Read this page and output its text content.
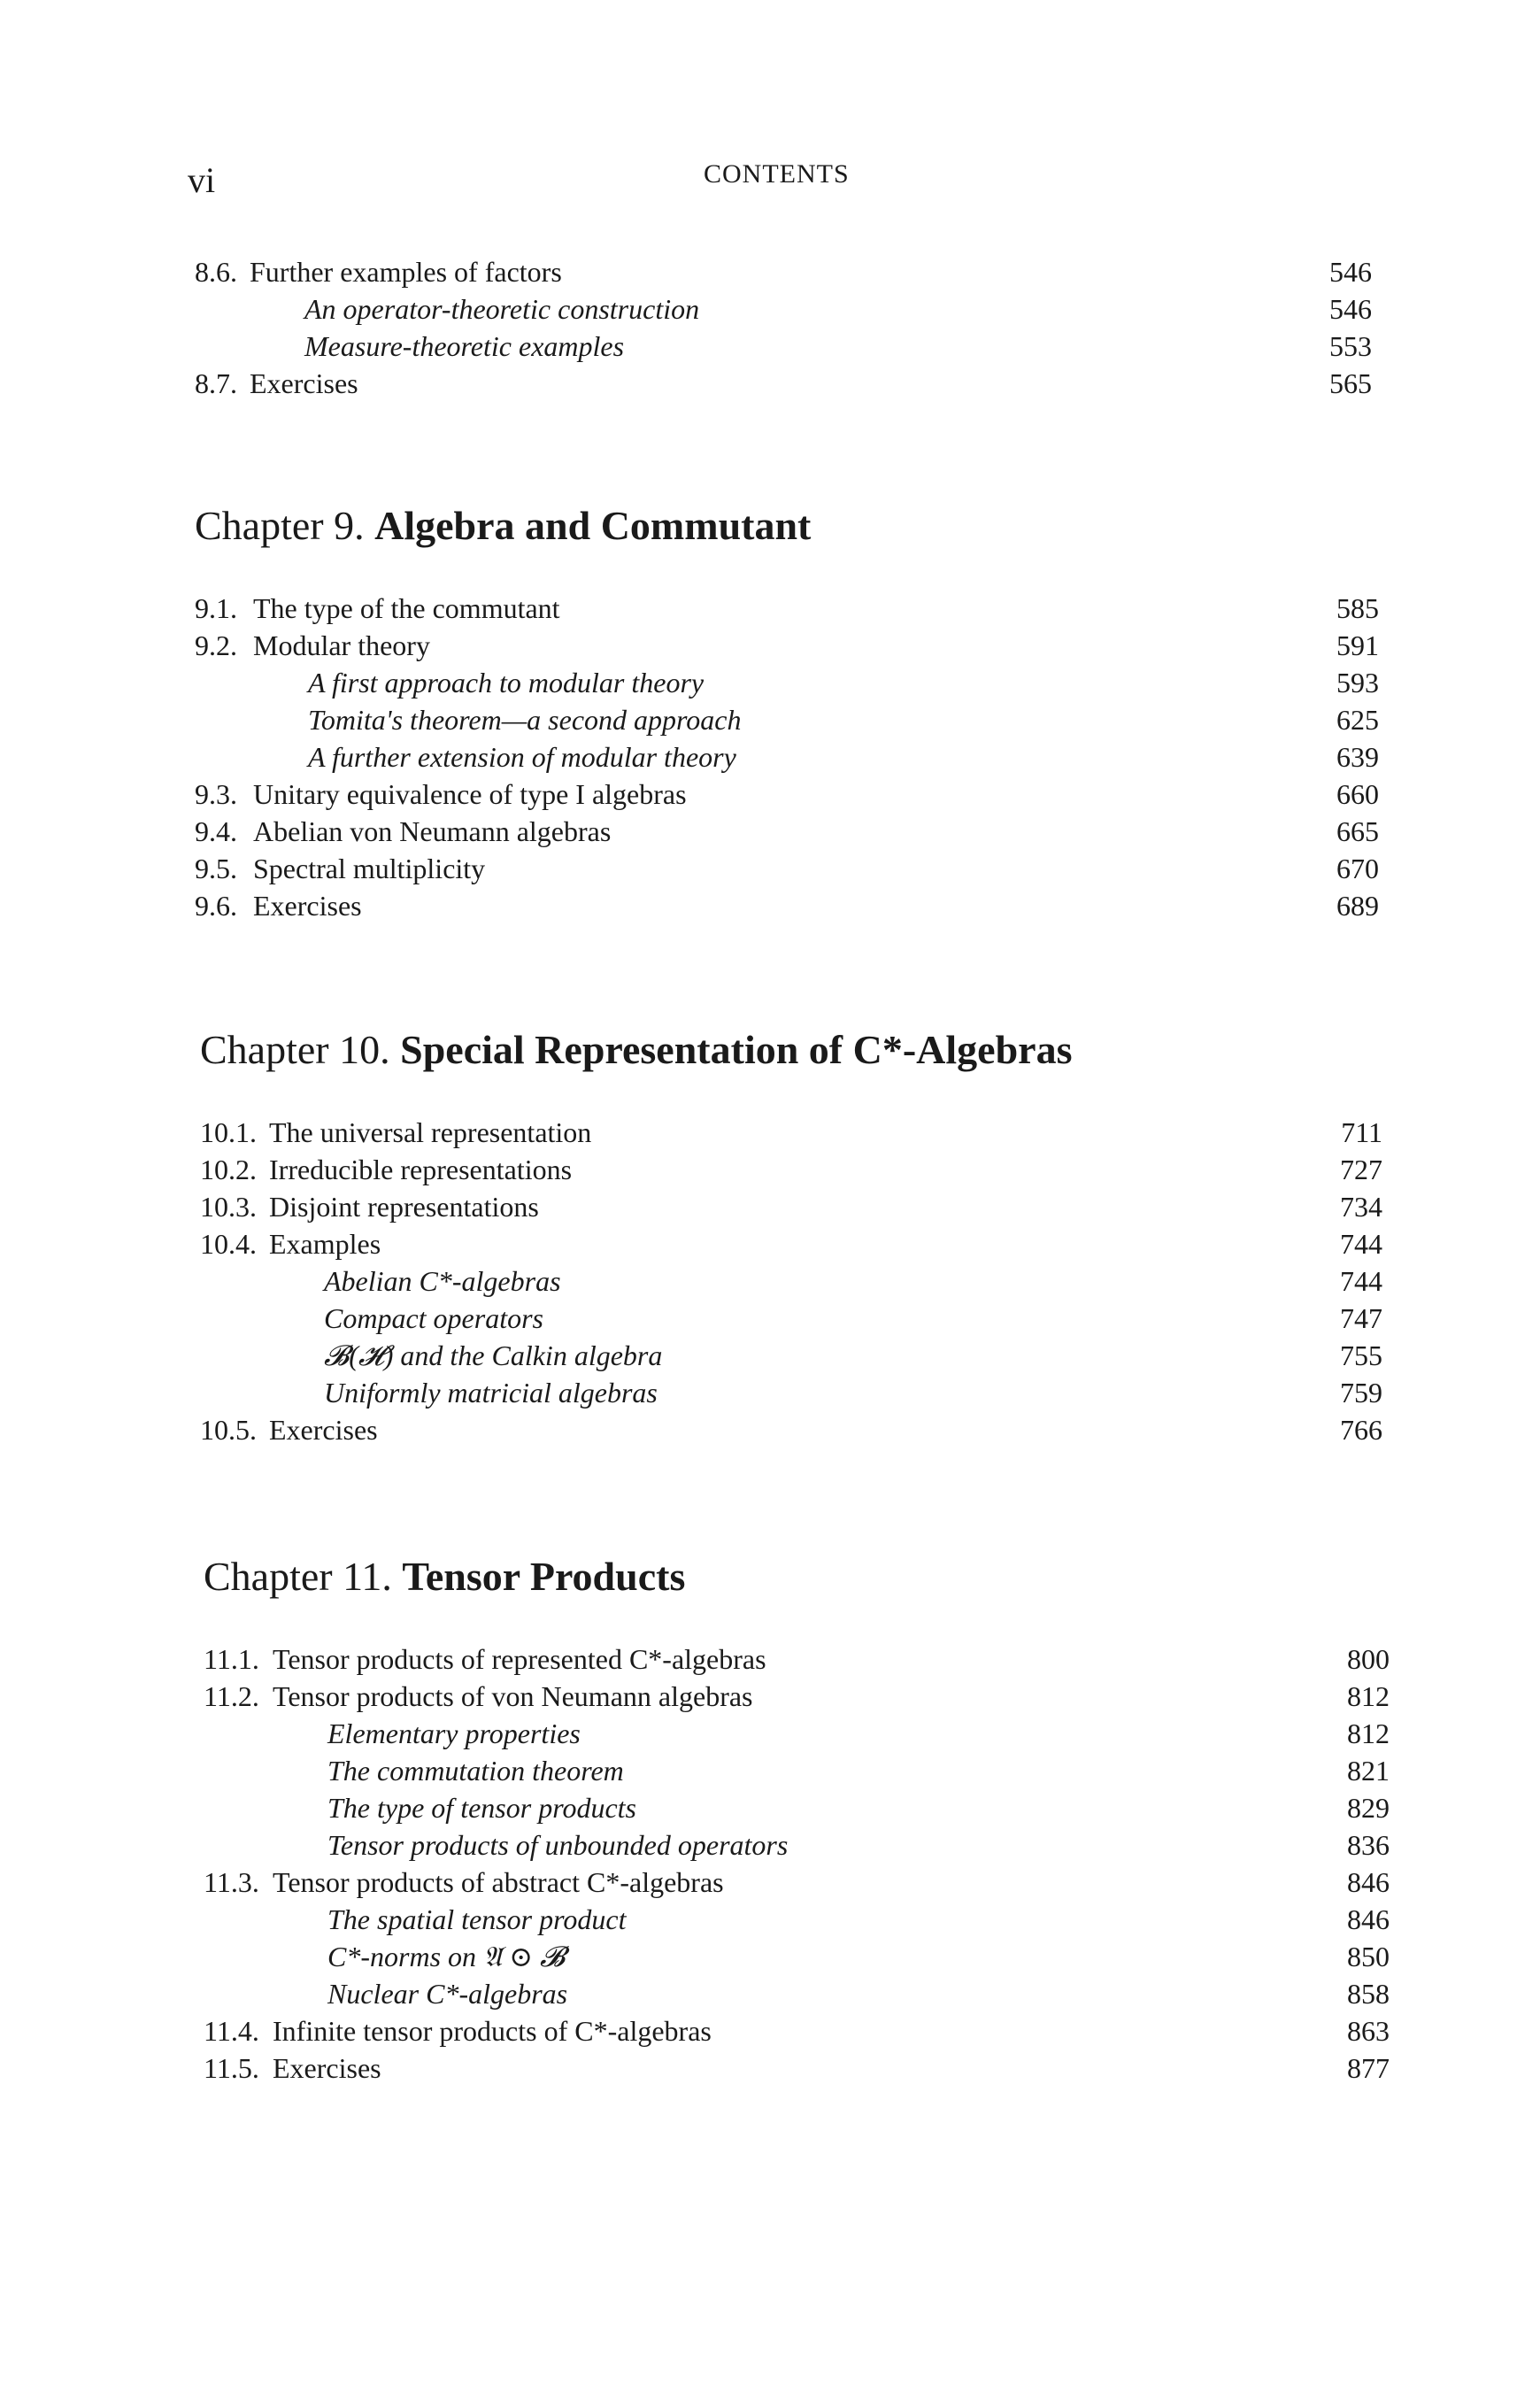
vi	CONTENTS
8.6. Further examples of factors	546
An operator-theoretic construction	546
Measure-theoretic examples	553
8.7. Exercises	565
Chapter 9. Algebra and Commutant
9.1. The type of the commutant	585
9.2. Modular theory	591
A first approach to modular theory	593
Tomita's theorem—a second approach	625
A further extension of modular theory	639
9.3. Unitary equivalence of type I algebras	660
9.4. Abelian von Neumann algebras	665
9.5. Spectral multiplicity	670
9.6. Exercises	689
Chapter 10. Special Representation of C*-Algebras
10.1. The universal representation	711
10.2. Irreducible representations	727
10.3. Disjoint representations	734
10.4. Examples	744
Abelian C*-algebras	744
Compact operators	747
𝓑(𝓗) and the Calkin algebra	755
Uniformly matricial algebras	759
10.5. Exercises	766
Chapter 11. Tensor Products
11.1. Tensor products of represented C*-algebras	800
11.2. Tensor products of von Neumann algebras	812
Elementary properties	812
The commutation theorem	821
The type of tensor products	829
Tensor products of unbounded operators	836
11.3. Tensor products of abstract C*-algebras	846
The spatial tensor product	846
C*-norms on 𝔄 ⊙ 𝓑	850
Nuclear C*-algebras	858
11.4. Infinite tensor products of C*-algebras	863
11.5. Exercises	877
